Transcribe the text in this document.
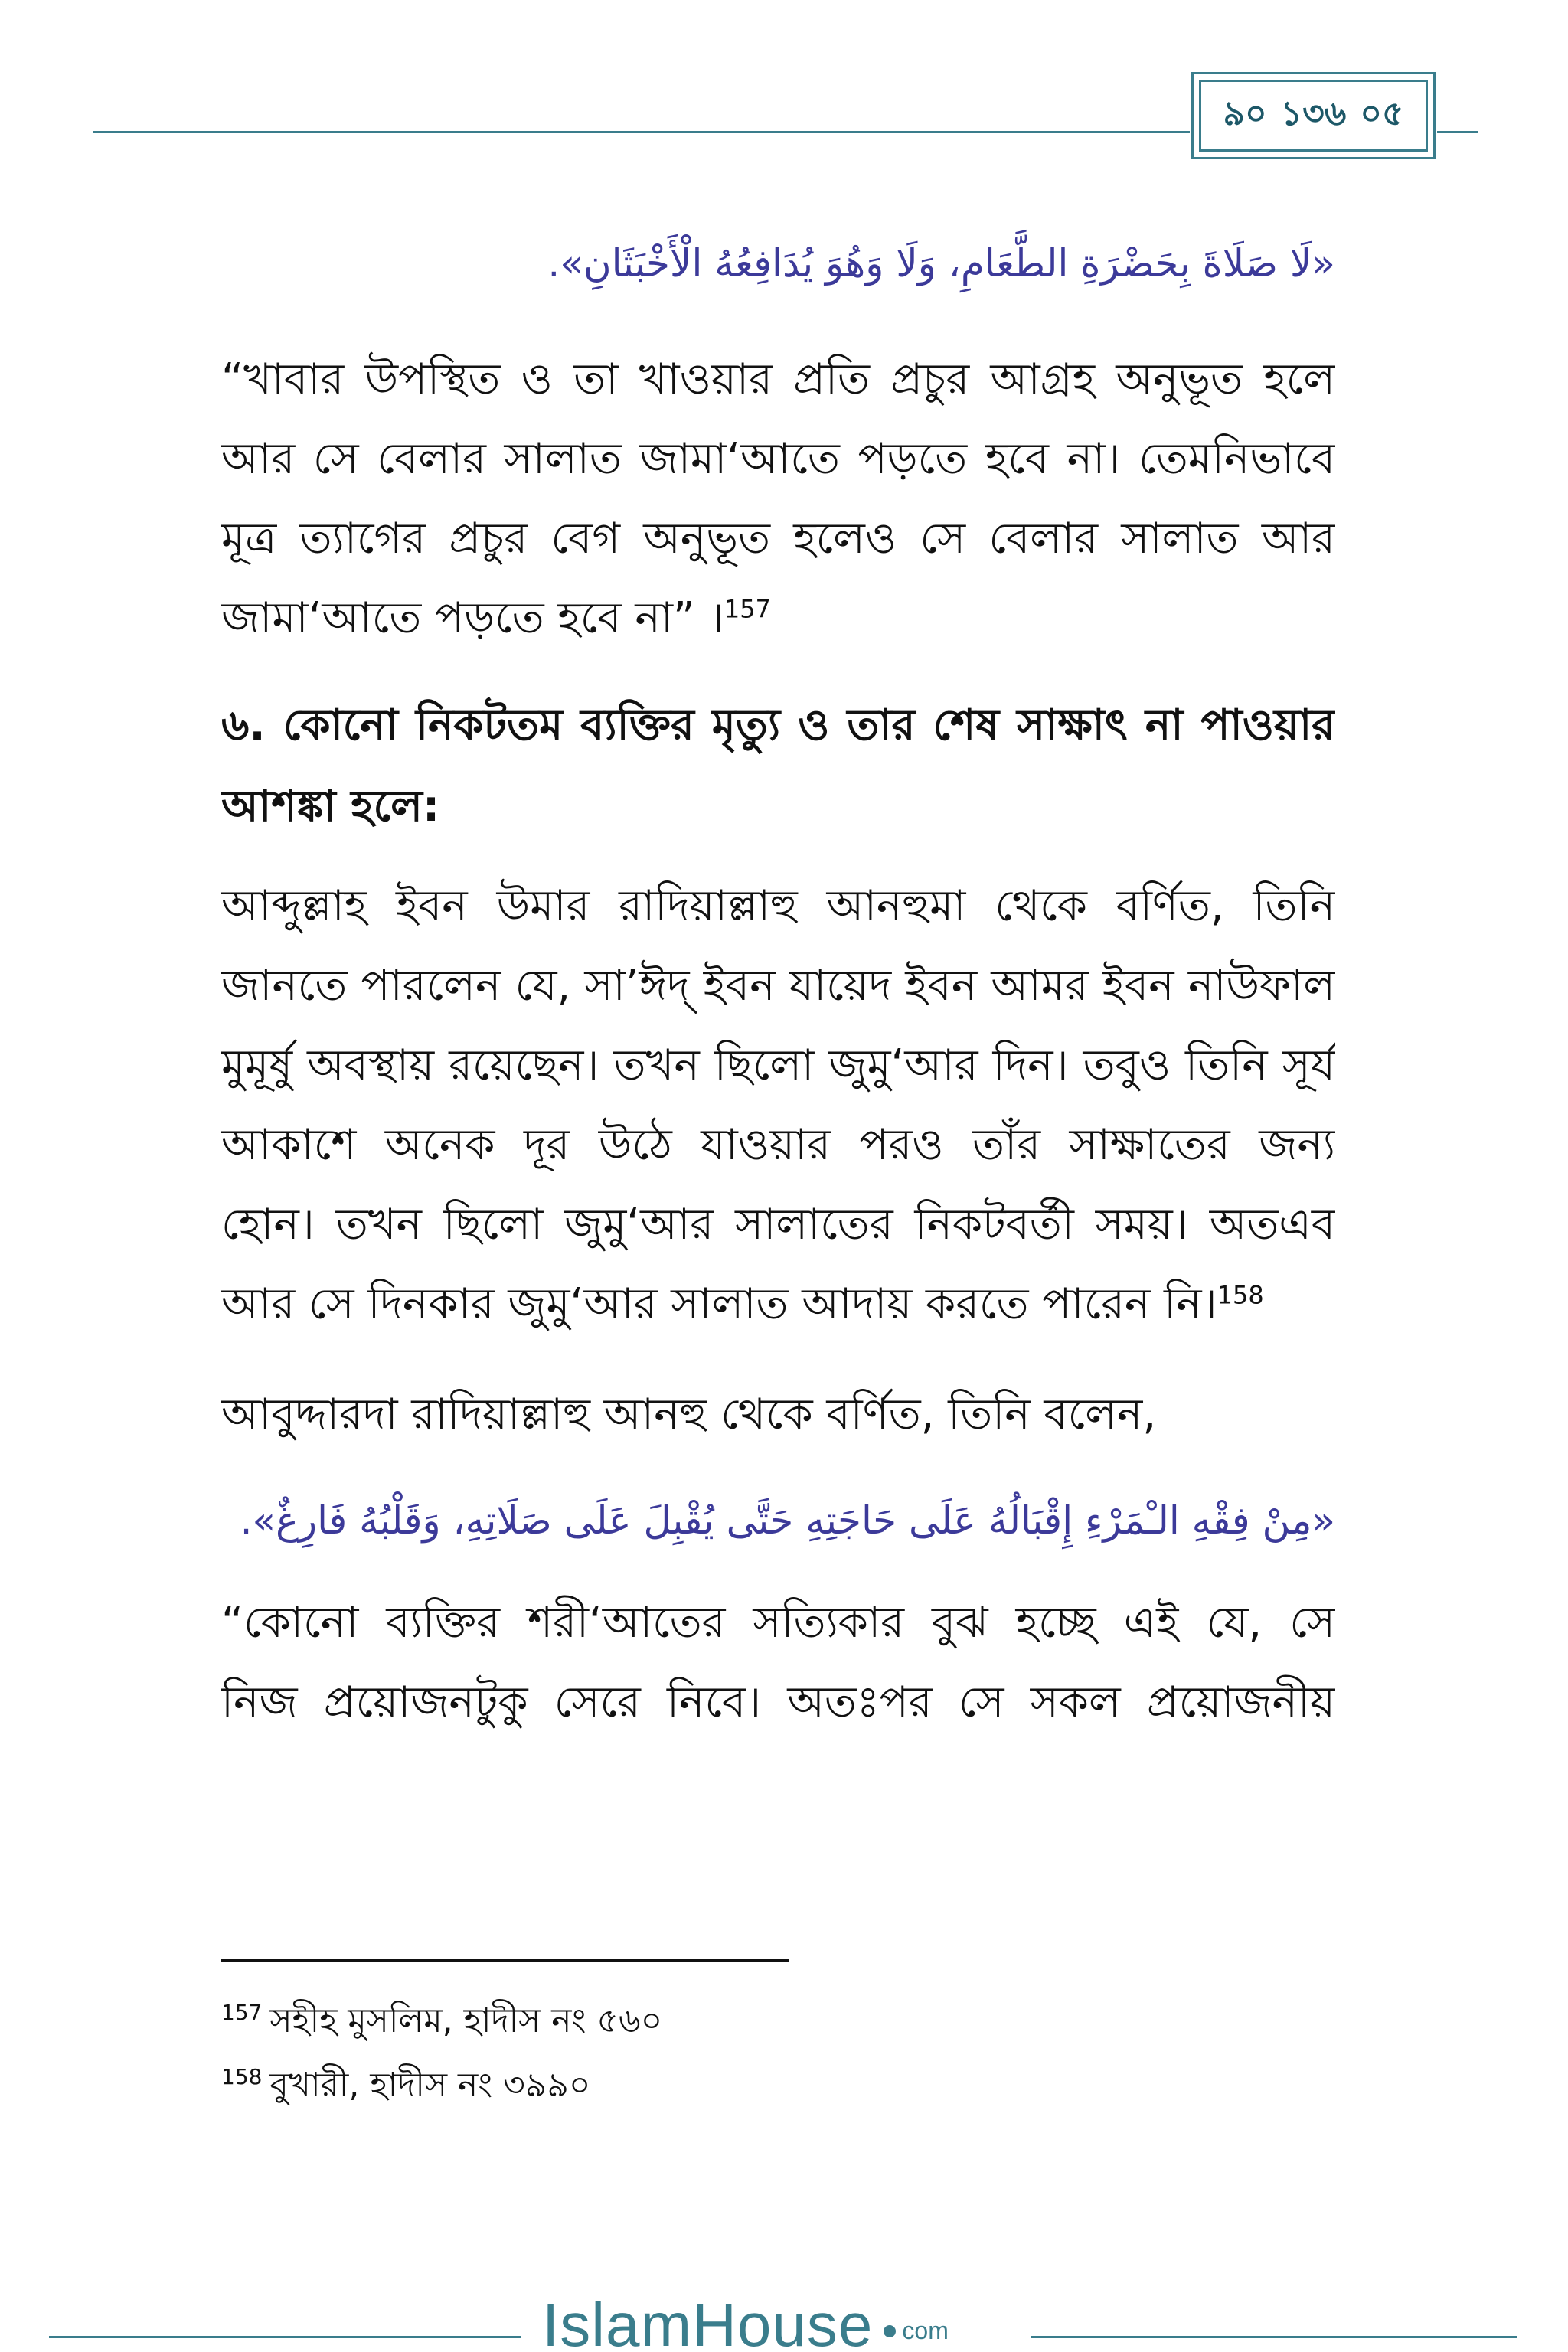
৯০ ১৩৬ ০৫
«لَا صَلَاةَ بِحَضْرَةِ الطَّعَامِ، وَلَا وَهُوَ يُدَافِعُهُ الْأَخْبَثَانِ».
“খাবার উপস্থিত ও তা খাওয়ার প্রতি প্রচুর আগ্রহ অনুভূত হলে
আর সে বেলার সালাত জামা‘আতে পড়তে হবে না। তেমনিভাবে
মূত্র ত্যাগের প্রচুর বেগ অনুভূত হলেও সে বেলার সালাত আর
জামা‘আতে পড়তে হবে না” ।$^{157}$
৬. কোনো নিকটতম ব্যক্তির মৃত্যু ও তার শেষ সাক্ষাৎ না পাওয়ার
আশঙ্কা হলে:
আব্দুল্লাহ ইবন উমার রাদিয়াল্লাহু আনহুমা থেকে বর্ণিত, তিনি
জানতে পারলেন যে, সা’ঈদ্ ইবন যায়েদ ইবন আমর ইবন নাউফাল
মুমূর্ষু অবস্থায় রয়েছেন। তখন ছিলো জুমু‘আর দিন। তবুও তিনি সূর্য
আকাশে অনেক দূর উঠে যাওয়ার পরও তাঁর সাক্ষাতের জন্য
হোন। তখন ছিলো জুমু‘আর সালাতের নিকটবর্তী সময়। অতএব
আর সে দিনকার জুমু‘আর সালাত আদায় করতে পারেন নি।$^{158}$
আবুদ্দারদা রাদিয়াল্লাহু আনহু থেকে বর্ণিত, তিনি বলেন,
«مِنْ فِقْهِ الـْمَرْءِ إِقْبَالُهُ عَلَى حَاجَتِهِ حَتَّى يُقْبِلَ عَلَى صَلَاتِهِ، وَقَلْبُهُ فَارِغٌ».
“কোনো ব্যক্তির শরী‘আতের সত্যিকার বুঝ হচ্ছে এই যে, সে
নিজ প্রয়োজনটুকু সেরে নিবে। অতঃপর সে সকল প্রয়োজনীয়
$^{157}$ সহীহ মুসলিম, হাদীস নং ৫৬০
$^{158}$ বুখারী, হাদীস নং ৩৯৯০
IslamHouse com
